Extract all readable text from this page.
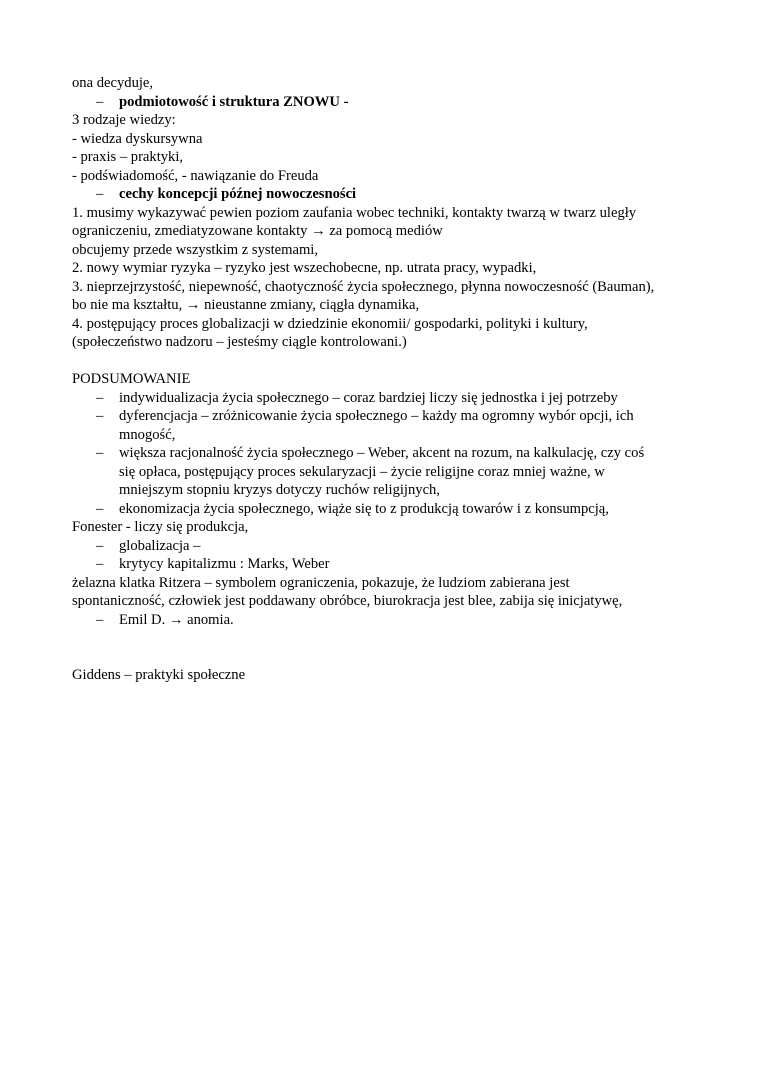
ona decyduje,
– podmiotowość i struktura ZNOWU -
3 rodzaje wiedzy:
- wiedza dyskursywna
- praxis – praktyki,
- podświadomość, - nawiązanie do Freuda
– cechy koncepcji późnej nowoczesności
1. musimy wykazywać pewien poziom zaufania wobec techniki, kontakty twarzą w twarz uległy
ograniczeniu, zmediatyzowane kontakty → za pomocą mediów
obcujemy przede wszystkim z systemami,
2. nowy wymiar ryzyka – ryzyko jest wszechobecne, np. utrata pracy, wypadki,
3. nieprzejrzystość, niepewność, chaotyczność życia społecznego, płynna nowoczesność (Bauman),
bo nie ma kształtu, → nieustanne zmiany, ciągła dynamika,
4. postępujący proces globalizacji w dziedzinie ekonomii/ gospodarki, polityki i kultury,
(społeczeństwo nadzoru – jesteśmy ciągle kontrolowani.)
PODSUMOWANIE
– indywidualizacja życia społecznego – coraz bardziej liczy się jednostka i jej potrzeby
– dyferencjacja – zróżnicowanie życia społecznego – każdy ma ogromny wybór opcji, ich
mnogość,
– większa racjonalność życia społecznego – Weber, akcent na rozum, na kalkulację, czy coś
się opłaca, postępujący proces sekularyzacji – życie religijne coraz mniej ważne, w
mniejszym stopniu kryzys dotyczy ruchów religijnych,
– ekonomizacja życia społecznego, wiąże się to z produkcją towarów i z konsumpcją,
Fonester - liczy się produkcja,
– globalizacja –
– krytycy kapitalizmu : Marks, Weber
żelazna klatka Ritzera – symbolem ograniczenia, pokazuje, że ludziom zabierana jest
spontaniczność, człowiek jest poddawany obróbce, biurokracja jest blee, zabija się inicjatywę,
– Emil D. → anomia.
Giddens – praktyki społeczne
